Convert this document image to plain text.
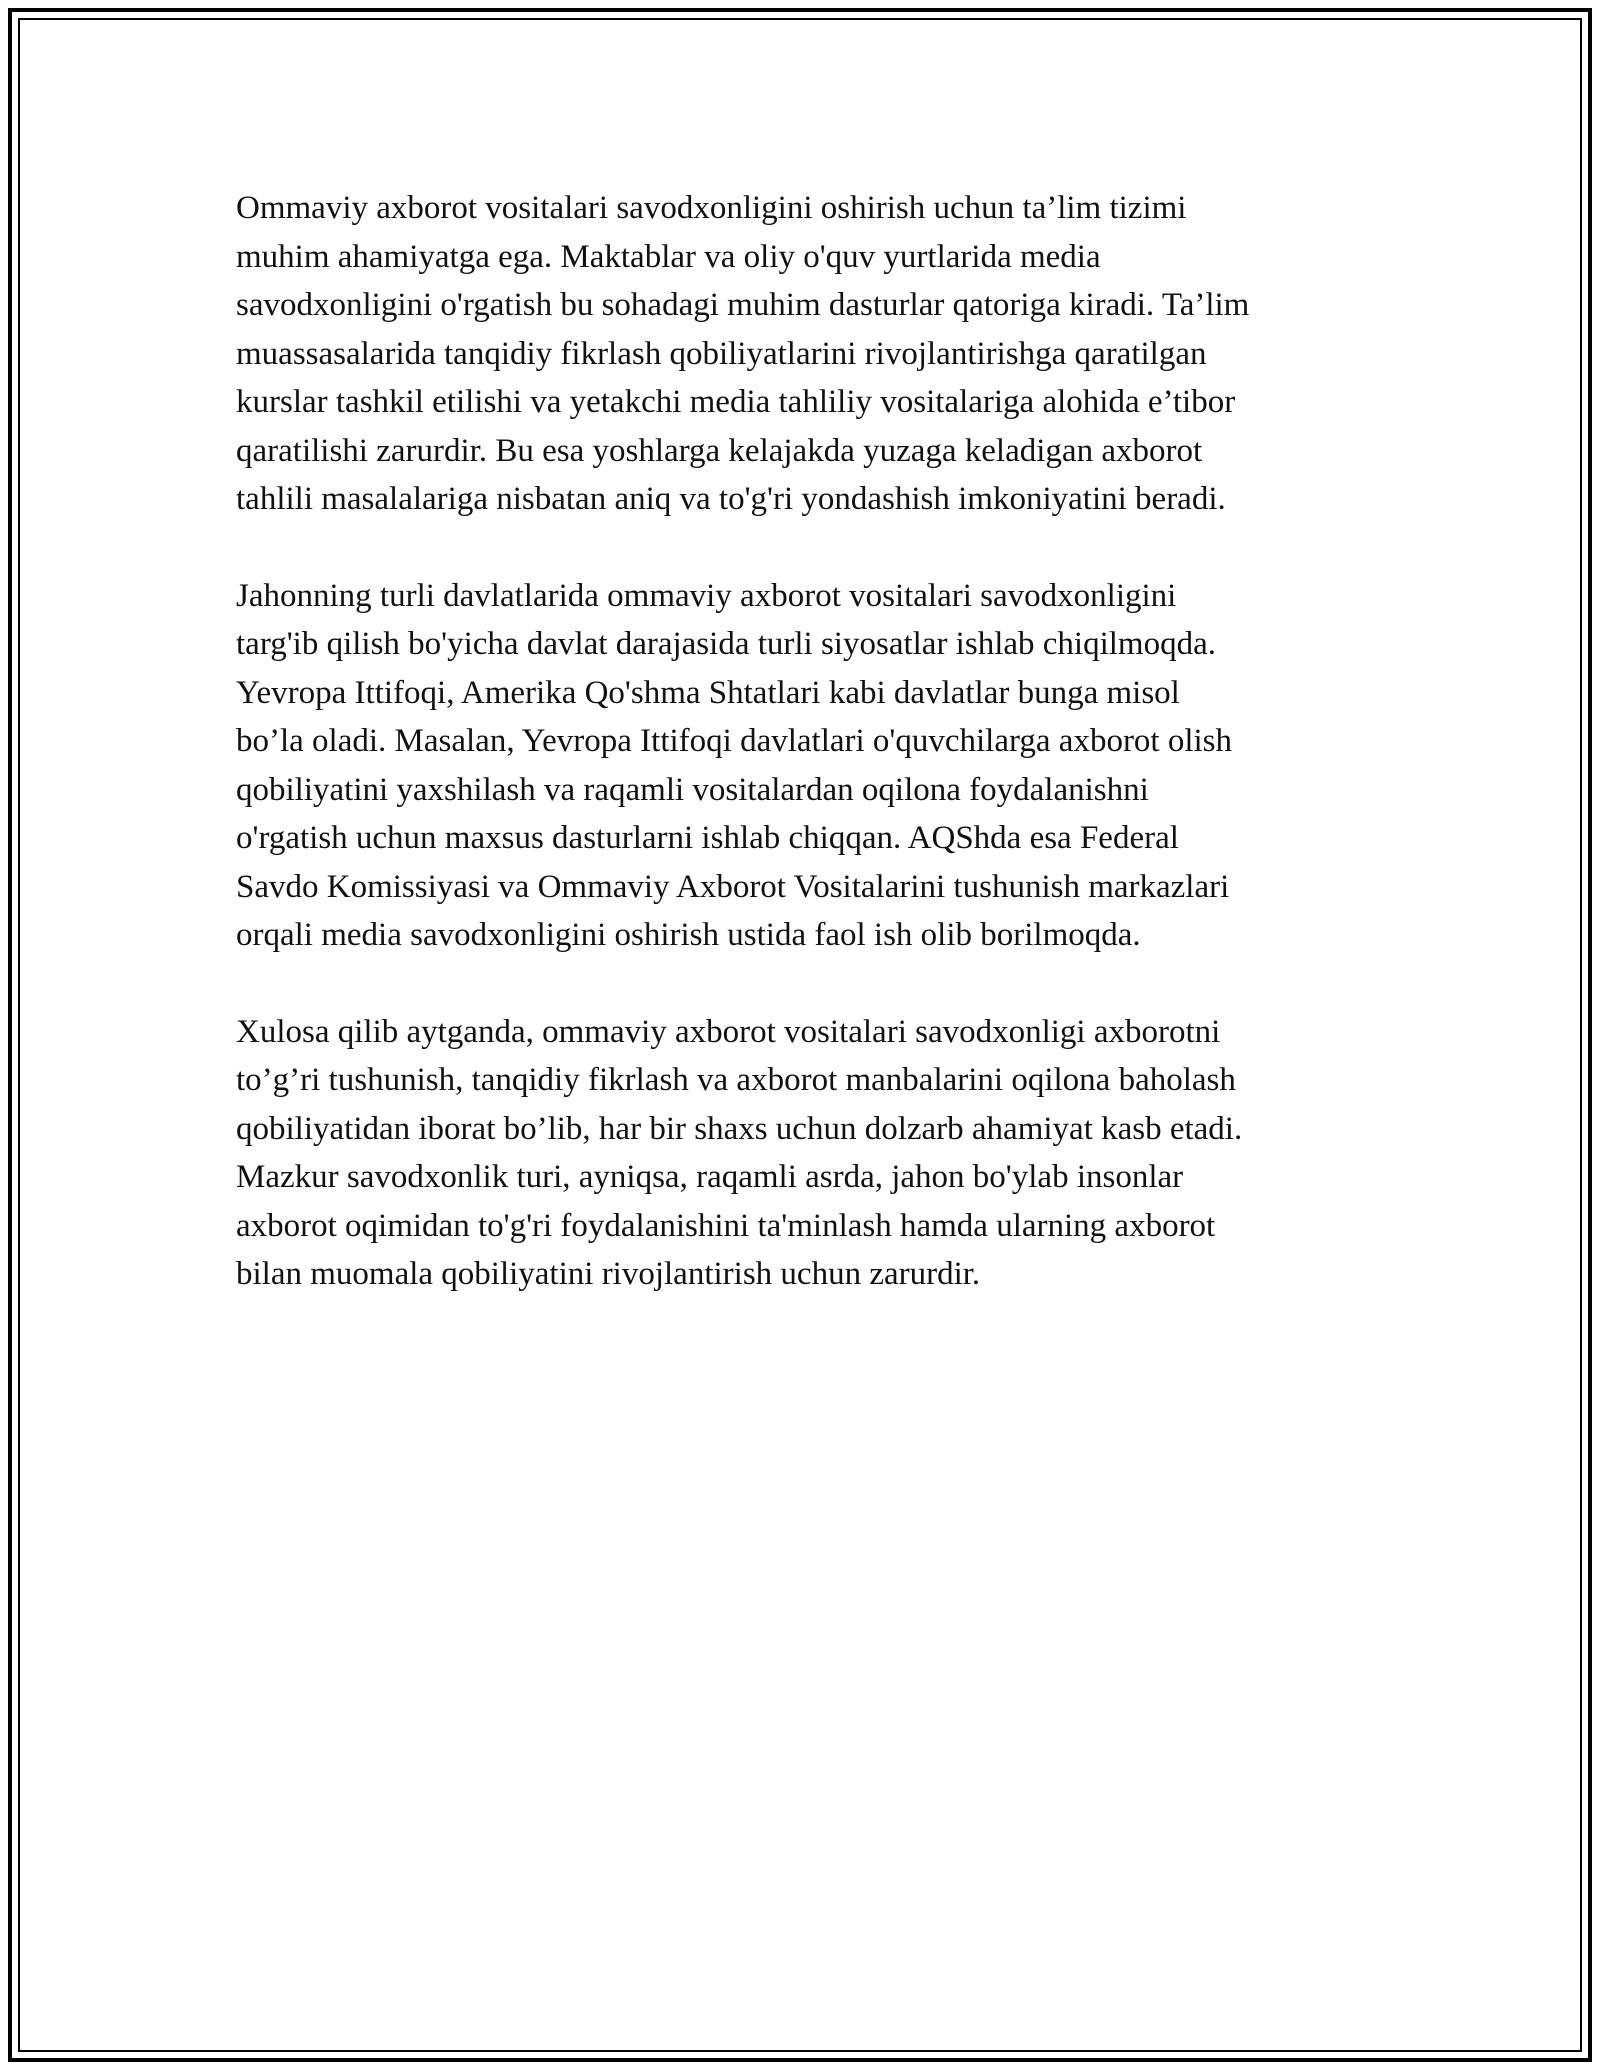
Ommaviy axborot vositalari savodxonligini oshirish uchun ta’lim tizimi
muhim ahamiyatga ega. Maktablar va oliy o'quv yurtlarida media
savodxonligini o'rgatish bu sohadagi muhim dasturlar qatoriga kiradi. Ta’lim
muassasalarida tanqidiy fikrlash qobiliyatlarini rivojlantirishga qaratilgan
kurslar tashkil etilishi va yetakchi media tahliliy vositalariga alohida e’tibor
qaratilishi zarurdir. Bu esa yoshlarga kelajakda yuzaga keladigan axborot
tahlili masalalariga nisbatan aniq va to'g'ri yondashish imkoniyatini beradi.

Jahonning turli davlatlarida ommaviy axborot vositalari savodxonligini
targ'ib qilish bo'yicha davlat darajasida turli siyosatlar ishlab chiqilmoqda.
Yevropa Ittifoqi, Amerika Qo'shma Shtatlari kabi davlatlar bunga misol
bo’la oladi. Masalan, Yevropa Ittifoqi davlatlari o'quvchilarga axborot olish
qobiliyatini yaxshilash va raqamli vositalardan oqilona foydalanishni
o'rgatish uchun maxsus dasturlarni ishlab chiqqan. AQShda esa Federal
Savdo Komissiyasi va Ommaviy Axborot Vositalarini tushunish markazlari
orqali media savodxonligini oshirish ustida faol ish olib borilmoqda.

Xulosa qilib aytganda, ommaviy axborot vositalari savodxonligi axborotni
to’g’ri tushunish, tanqidiy fikrlash va axborot manbalarini oqilona baholash
qobiliyatidan iborat bo’lib, har bir shaxs uchun dolzarb ahamiyat kasb etadi.
Mazkur savodxonlik turi, ayniqsa, raqamli asrda, jahon bo'ylab insonlar
axborot oqimidan to'g'ri foydalanishini ta'minlash hamda ularning axborot
bilan muomala qobiliyatini rivojlantirish uchun zarurdir.
